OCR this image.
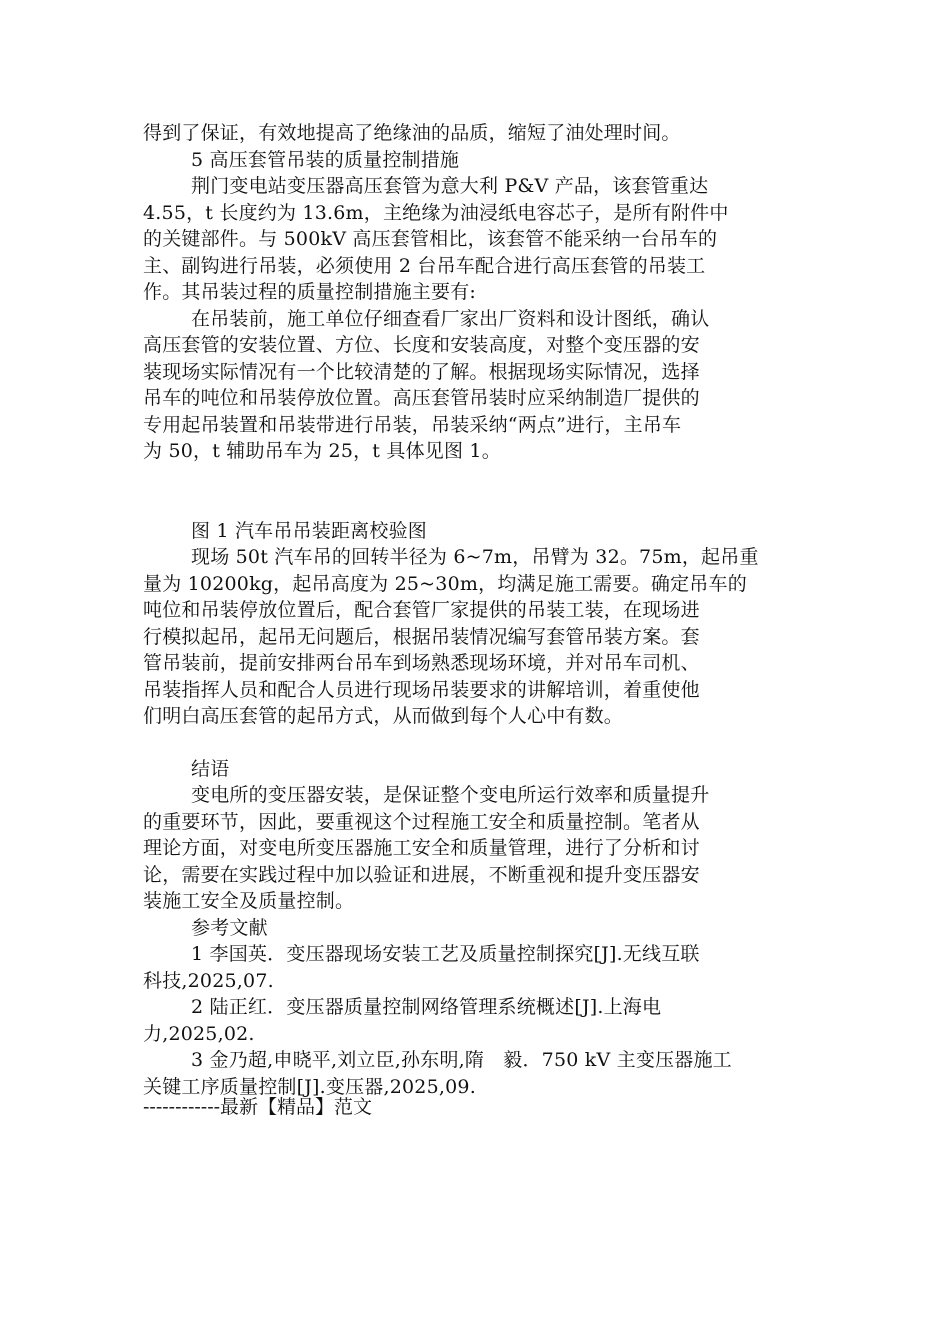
得到了保证，有效地提高了绝缘油的品质，缩短了油处理时间。
5 高压套管吊装的质量控制措施
荆门变电站变压器高压套管为意大利 P&V 产品，该套管重达
4.55，t 长度约为 13.6m，主绝缘为油浸纸电容芯子，是所有附件中
的关键部件。与 500kV 高压套管相比，该套管不能采纳一台吊车的
主、副钩进行吊装，必须使用 2 台吊车配合进行高压套管的吊装工
作。其吊装过程的质量控制措施主要有:
在吊装前，施工单位仔细查看厂家出厂资料和设计图纸，确认
高压套管的安装位置、方位、长度和安装高度，对整个变压器的安
装现场实际情况有一个比较清楚的了解。根据现场实际情况，选择
吊车的吨位和吊装停放位置。高压套管吊装时应采纳制造厂提供的
专用起吊装置和吊装带进行吊装，吊装采纳“两点”进行，主吊车
为 50，t 辅助吊车为 25，t 具体见图 1。
图 1 汽车吊吊装距离校验图
现场 50t 汽车吊的回转半径为 6~7m，吊臂为 32。75m，起吊重
量为 10200kg，起吊高度为 25~30m，均满足施工需要。确定吊车的
吨位和吊装停放位置后，配合套管厂家提供的吊装工装，在现场进
行模拟起吊，起吊无问题后，根据吊装情况编写套管吊装方案。套
管吊装前，提前安排两台吊车到场熟悉现场环境，并对吊车司机、
吊装指挥人员和配合人员进行现场吊装要求的讲解培训，着重使他
们明白高压套管的起吊方式，从而做到每个人心中有数。
结语
变电所的变压器安装，是保证整个变电所运行效率和质量提升
的重要环节，因此，要重视这个过程施工安全和质量控制。笔者从
理论方面，对变电所变压器施工安全和质量管理，进行了分析和讨
论，需要在实践过程中加以验证和进展，不断重视和提升变压器安
装施工安全及质量控制。
参考文献
1 李国英．变压器现场安装工艺及质量控制探究[J].无线互联
科技,2025,07.
2 陆正红．变压器质量控制网络管理系统概述[J].上海电
力,2025,02.
3 金乃超,申晓平,刘立臣,孙东明,隋　毅．750 kV 主变压器施工
关键工序质量控制[J].变压器,2025,09.
------------最新【精品】范文
